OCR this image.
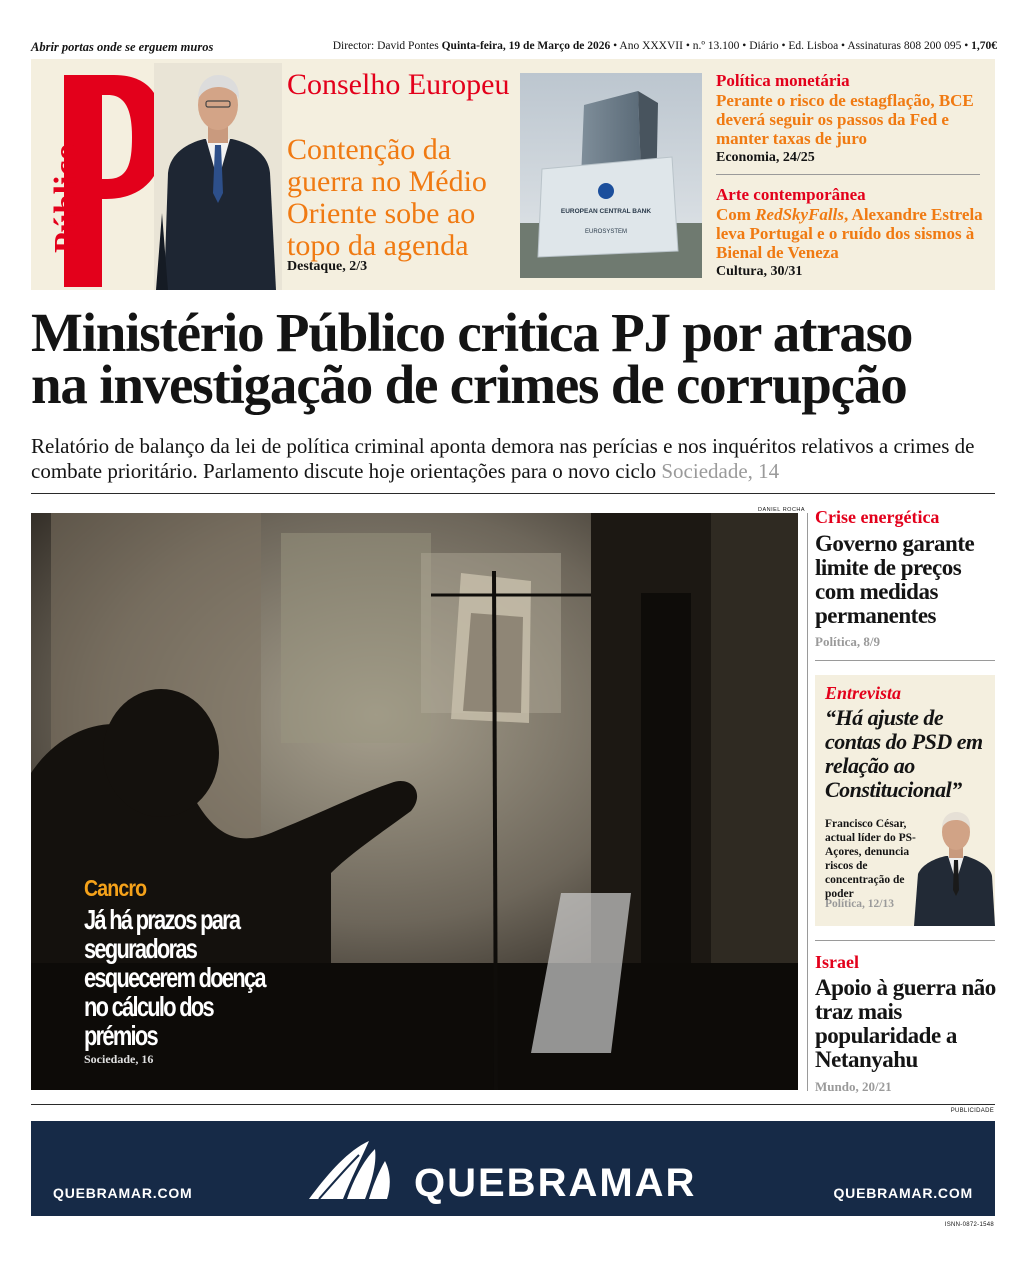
Abrir portas onde se erguem muros	Director: David Pontes Quinta-feira, 19 de Março de 2026 • Ano XXXVII • n.º 13.100 • Diário • Ed. Lisboa • Assinaturas 808 200 095 • 1,70€
Público
Conselho Europeu
Contenção da guerra no Médio Oriente sobe ao topo da agenda
Destaque, 2/3
EUROPEAN CENTRAL BANK
EUROSYSTEM
Política monetária
Perante o risco de estagflação, BCE deverá seguir os passos da Fed e manter taxas de juro
Economia, 24/25
Arte contemporânea
Com RedSkyFalls, Alexandre Estrela leva Portugal e o ruído dos sismos à Bienal de Veneza
Cultura, 30/31
Ministério Público critica PJ por atraso
na investigação de crimes de corrupção
Relatório de balanço da lei de política criminal aponta demora nas perícias e nos inquéritos relativos a crimes de combate prioritário. Parlamento discute hoje orientações para o novo ciclo Sociedade, 14
DANIEL ROCHA
Cancro
Já há prazos para seguradoras esquecerem doença no cálculo dos prémios
Sociedade, 16
Crise energética
Governo garante limite de preços com medidas permanentes
Política, 8/9
Entrevista
“Há ajuste de contas do PSD em relação ao Constitucional”
Francisco César, actual líder do PS-Açores, denuncia riscos de concentração de poder
Política, 12/13
Israel
Apoio à guerra não traz mais popularidade a Netanyahu
Mundo, 20/21
PUBLICIDADE
QUEBRAMAR
QUEBRAMAR.COM	QUEBRAMAR.COM
ISNN-0872-1548
